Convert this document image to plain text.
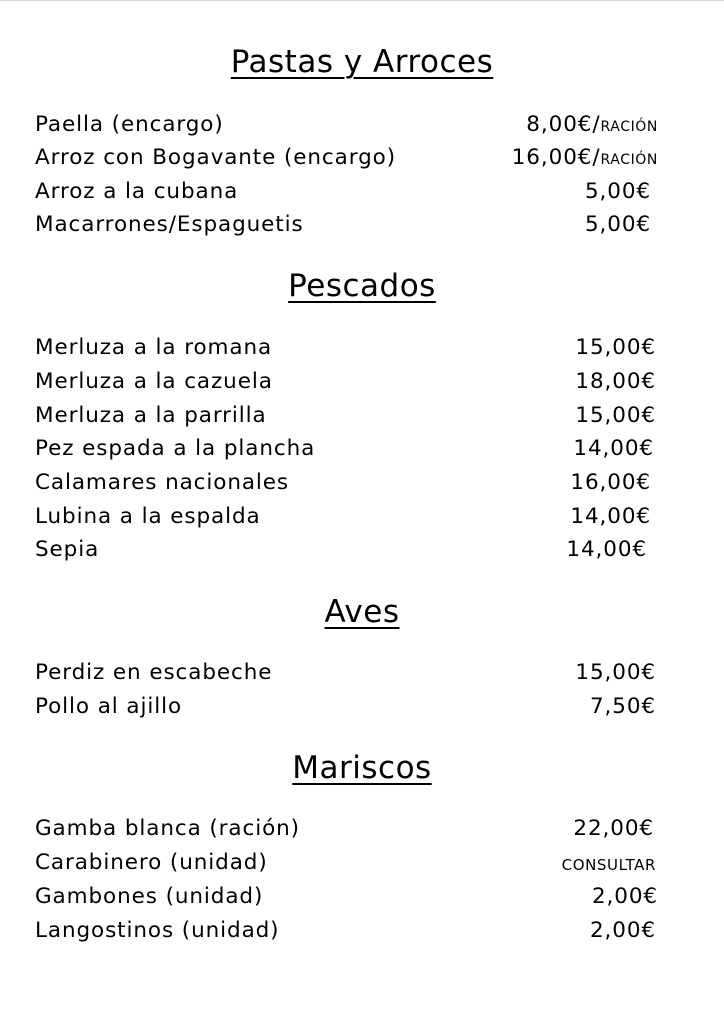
Pastas y Arroces
Paella (encargo)	8,00€/RACIÓN
Arroz con Bogavante (encargo)	16,00€/RACIÓN
Arroz a la cubana	5,00€
Macarrones/Espaguetis	5,00€
Pescados
Merluza a la romana	15,00€
Merluza a la cazuela	18,00€
Merluza a la parrilla	15,00€
Pez espada a la plancha	14,00€
Calamares nacionales	16,00€
Lubina a la espalda	14,00€
Sepia	14,00€
Aves
Perdiz en escabeche	15,00€
Pollo al ajillo	7,50€
Mariscos
Gamba blanca (ración)	22,00€
Carabinero (unidad)	CONSULTAR
Gambones (unidad)	2,00€
Langostinos (unidad)	2,00€
